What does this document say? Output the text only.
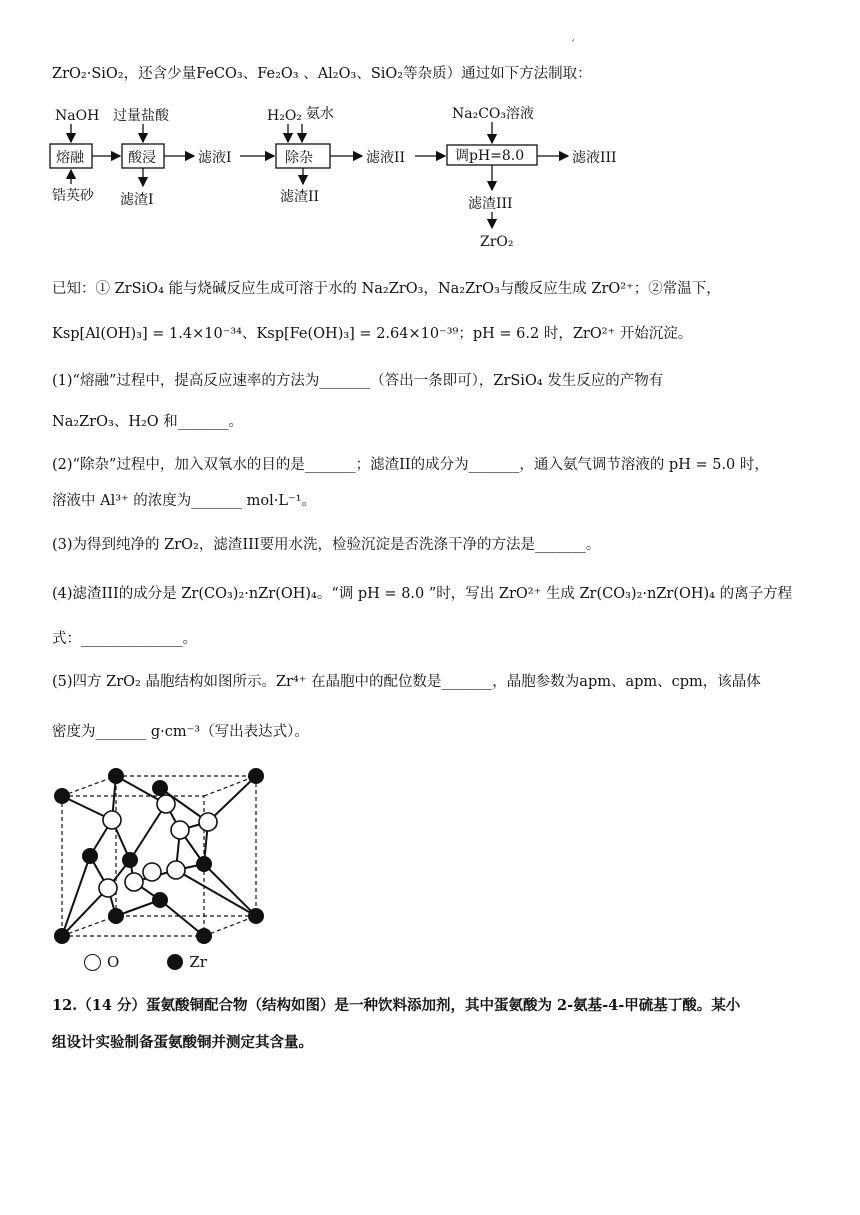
ˊ
ZrO₂·SiO₂，还含少量FeCO₃、Fe₂O₃ 、Al₂O₃、SiO₂等杂质）通过如下方法制取：
NaOH 过量盐酸	H₂O₂ 氨水	Na₂CO₃溶液
锆英砂
熔融	酸浸	除杂	调pH=8.0
滤液I	滤液II	滤液III
滤渣I	滤渣II	滤渣III
ZrO₂
已知：① ZrSiO₄ 能与烧碱反应生成可溶于水的 Na₂ZrO₃，Na₂ZrO₃与酸反应生成 ZrO²⁺；②常温下，
Ksp[Al(OH)₃] = 1.4×10⁻³⁴、Ksp[Fe(OH)₃] = 2.64×10⁻³⁹；pH = 6.2 时，ZrO²⁺ 开始沉淀。
(1)“熔融”过程中，提高反应速率的方法为_______（答出一条即可），ZrSiO₄ 发生反应的产物有
Na₂ZrO₃、H₂O 和_______。
(2)“除杂”过程中，加入双氧水的目的是_______；滤渣II的成分为_______，通入氨气调节溶液的 pH = 5.0 时，
溶液中 Al³⁺ 的浓度为_______ mol·L⁻¹。
(3)为得到纯净的 ZrO₂，滤渣III要用水洗，检验沉淀是否洗涤干净的方法是_______。
(4)滤渣III的成分是 Zr(CO₃)₂·nZr(OH)₄。“调 pH = 8.0 ”时，写出 ZrO²⁺ 生成 Zr(CO₃)₂·nZr(OH)₄ 的离子方程
式：______________。
(5)四方 ZrO₂ 晶胞结构如图所示。Zr⁴⁺ 在晶胞中的配位数是_______，晶胞参数为apm、apm、cpm，该晶体
密度为_______ g·cm⁻³（写出表达式）。
O	Zr
12.（14 分）蛋氨酸铜配合物（结构如图）是一种饮料添加剂，其中蛋氨酸为 2-氨基-4-甲硫基丁酸。某小
组设计实验制备蛋氨酸铜并测定其含量。
